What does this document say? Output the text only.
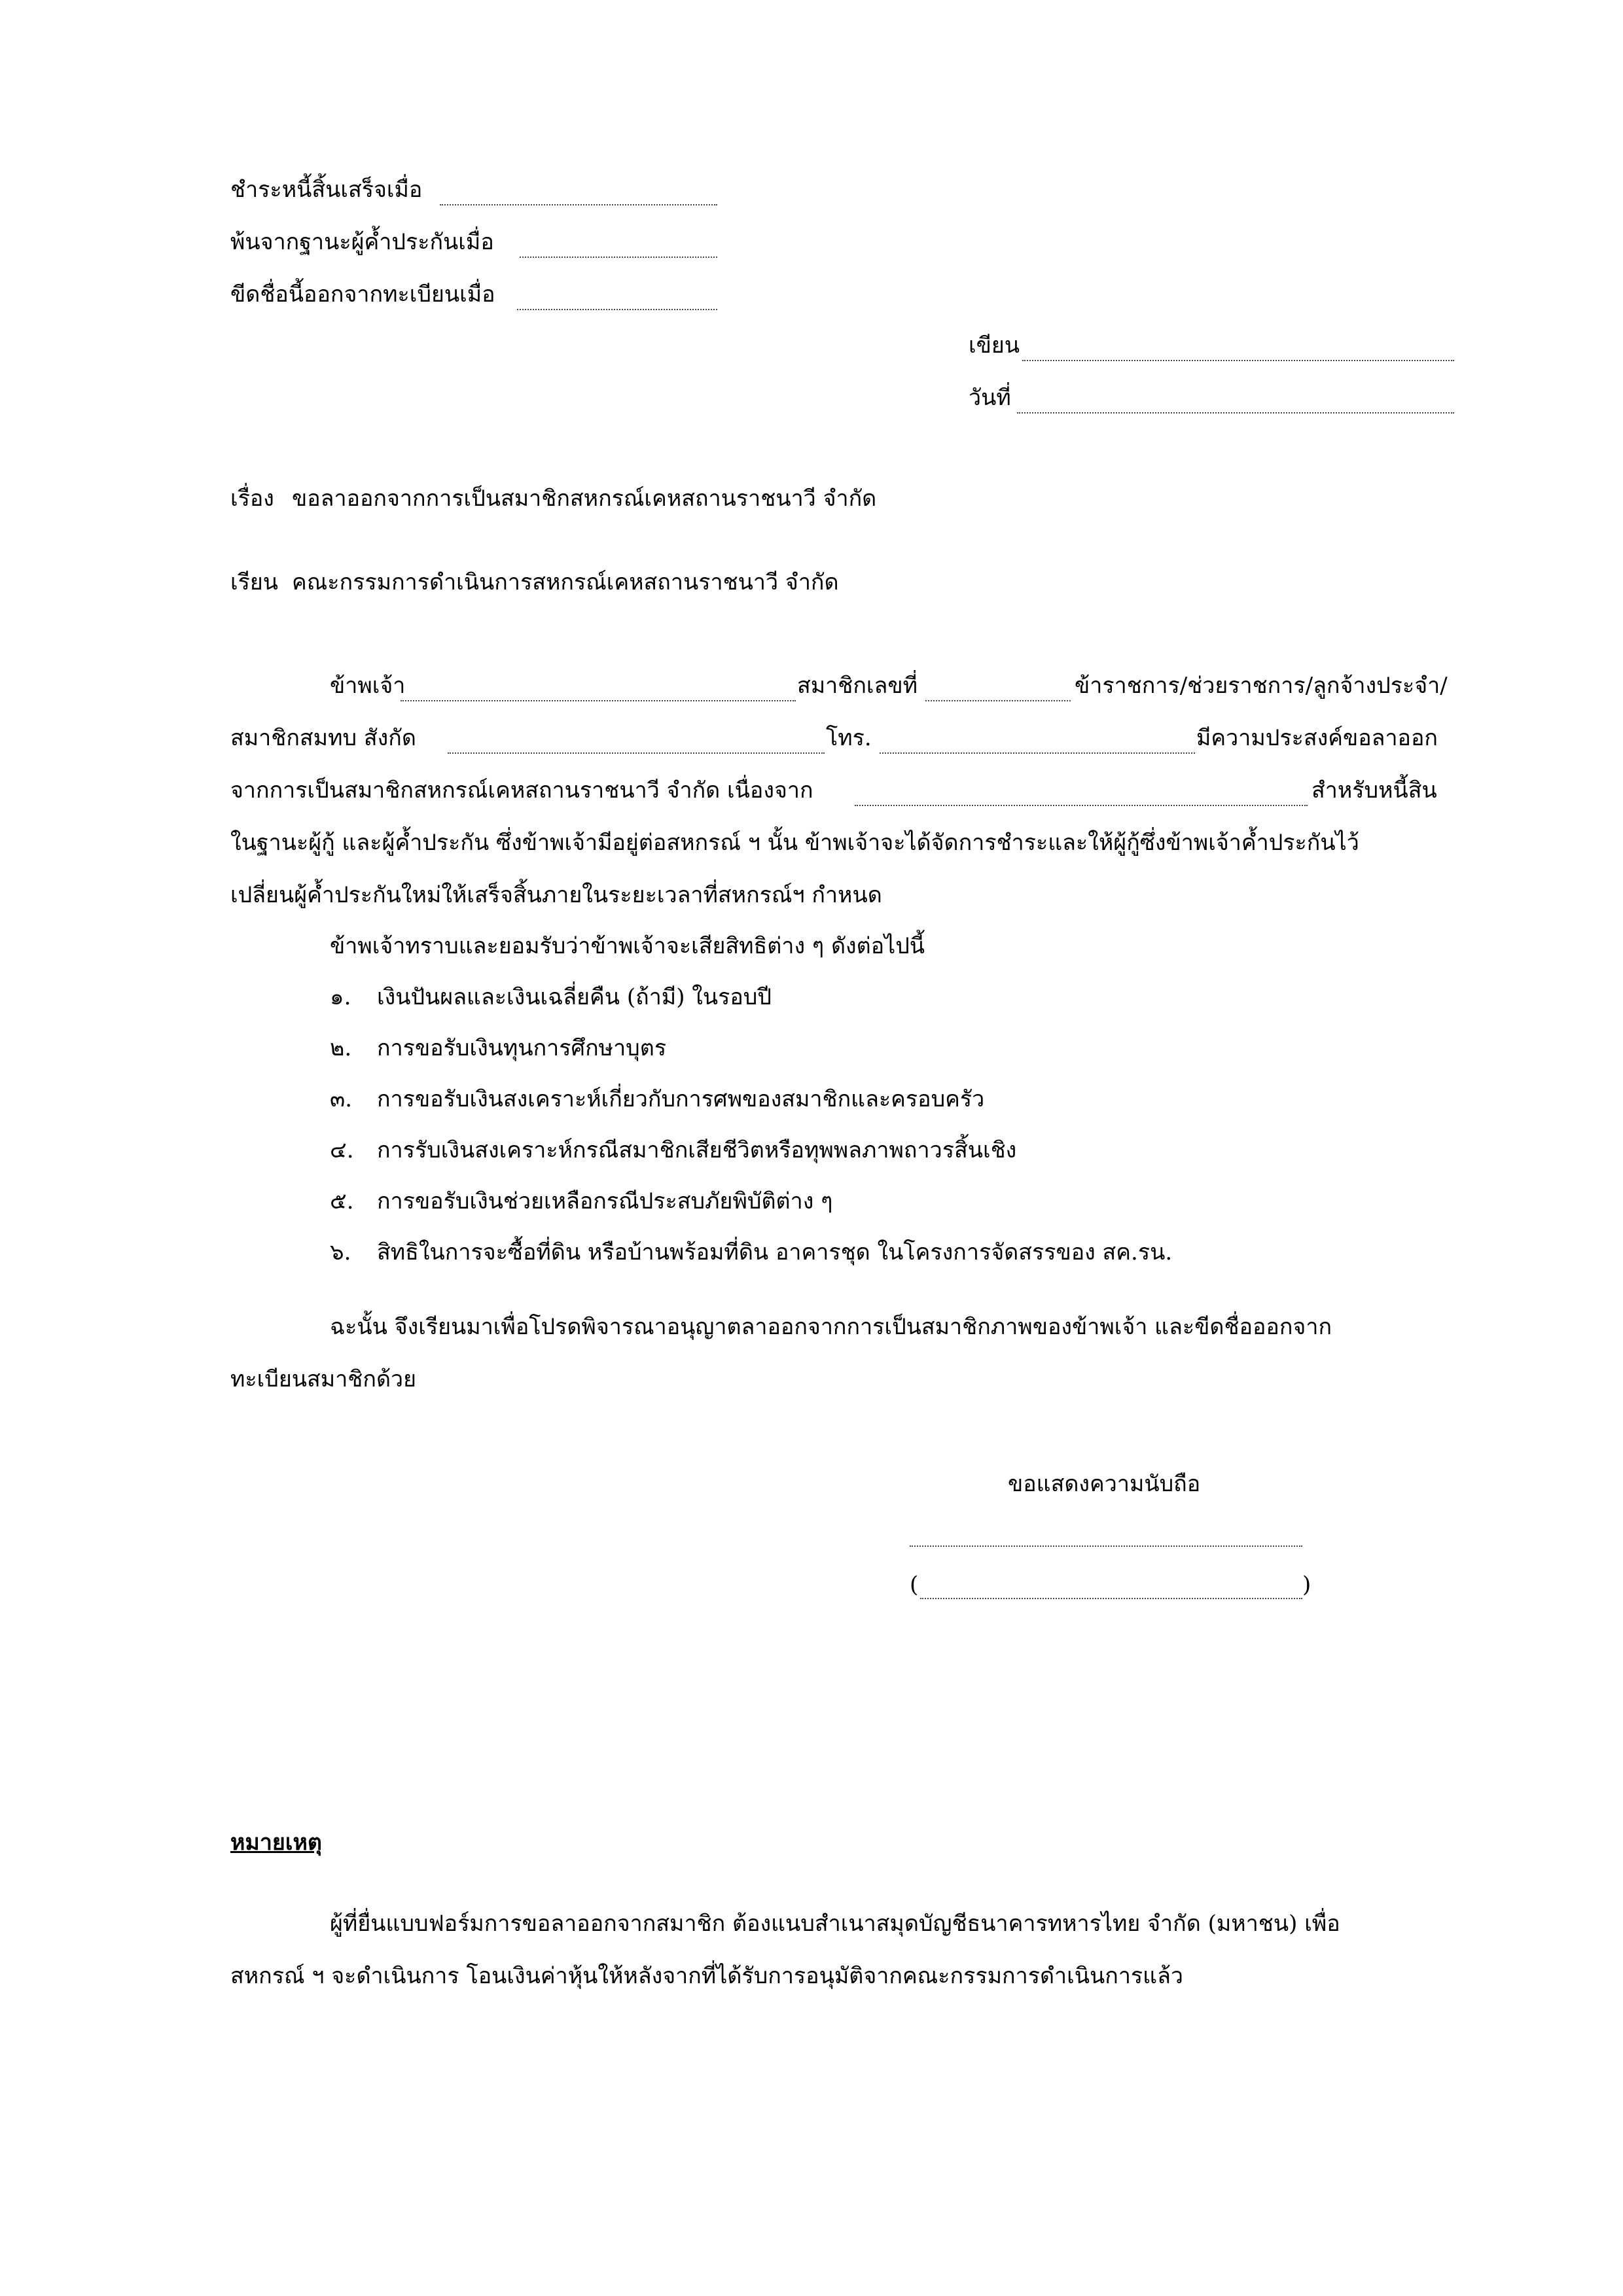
ชำระหนี้สิ้นเสร็จเมื่อ
พ้นจากฐานะผู้ค้ำประกันเมื่อ
ขีดชื่อนี้ออกจากทะเบียนเมื่อ
เขียน
วันที่
เรื่อง ขอลาออกจากการเป็นสมาชิกสหกรณ์เคหสถานราชนาวี จำกัด
เรียน คณะกรรมการดำเนินการสหกรณ์เคหสถานราชนาวี จำกัด
ข้าพเจ้า	สมาชิกเลขที่	ข้าราชการ/ช่วยราชการ/ลูกจ้างประจำ/
สมาชิกสมทบ สังกัด	โทร.	มีความประสงค์ขอลาออก
จากการเป็นสมาชิกสหกรณ์เคหสถานราชนาวี จำกัด เนื่องจาก	สำหรับหนี้สิน
ในฐานะผู้กู้ และผู้ค้ำประกัน ซึ่งข้าพเจ้ามีอยู่ต่อสหกรณ์ ฯ นั้น ข้าพเจ้าจะได้จัดการชำระและให้ผู้กู้ซึ่งข้าพเจ้าค้ำประกันไว้
เปลี่ยนผู้ค้ำประกันใหม่ให้เสร็จสิ้นภายในระยะเวลาที่สหกรณ์ฯ กำหนด
ข้าพเจ้าทราบและยอมรับว่าข้าพเจ้าจะเสียสิทธิต่าง ๆ ดังต่อไปนี้
๑. เงินปันผลและเงินเฉลี่ยคืน (ถ้ามี) ในรอบปี
๒. การขอรับเงินทุนการศึกษาบุตร
๓. การขอรับเงินสงเคราะห์เกี่ยวกับการศพของสมาชิกและครอบครัว
๔. การรับเงินสงเคราะห์กรณีสมาชิกเสียชีวิตหรือทุพพลภาพถาวรสิ้นเชิง
๕. การขอรับเงินช่วยเหลือกรณีประสบภัยพิบัติต่าง ๆ
๖. สิทธิในการจะซื้อที่ดิน หรือบ้านพร้อมที่ดิน อาคารชุด ในโครงการจัดสรรของ สค.รน.
ฉะนั้น จึงเรียนมาเพื่อโปรดพิจารณาอนุญาตลาออกจากการเป็นสมาชิกภาพของข้าพเจ้า และขีดชื่อออกจาก
ทะเบียนสมาชิกด้วย
ขอแสดงความนับถือ
(	)
หมายเหตุ
ผู้ที่ยื่นแบบฟอร์มการขอลาออกจากสมาชิก ต้องแนบสำเนาสมุดบัญชีธนาคารทหารไทย จำกัด (มหาชน) เพื่อ
สหกรณ์ ฯ จะดำเนินการ โอนเงินค่าหุ้นให้หลังจากที่ได้รับการอนุมัติจากคณะกรรมการดำเนินการแล้ว
